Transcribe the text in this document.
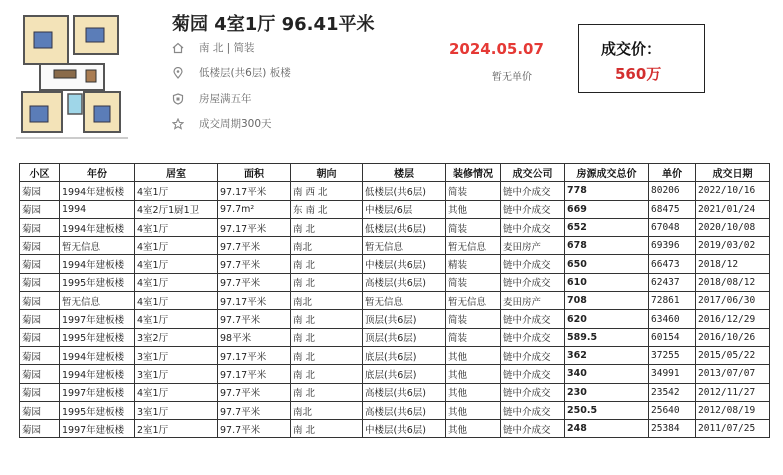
菊园 4室1厅 96.41平米
南 北 | 简装
低楼层(共6层) 板楼
房屋满五年
成交周期300天
2024.05.07
暂无单价
成交价：
560万
小区	年份	居室	面积	朝向	楼层	装修情况	成交公司	房源成交总价	单价	成交日期
菊园	1994年建板楼	4室1厅	97.17平米	南 西 北	低楼层(共6层)	简装	链中介成交	778	80206	2022/10/16
菊园	1994	4室2厅1厨1卫	97.7m²	东 南 北	中楼层/6层	其他	链中介成交	669	68475	2021/01/24
菊园	1994年建板楼	4室1厅	97.17平米	南 北	低楼层(共6层)	简装	链中介成交	652	67048	2020/10/08
菊园	暂无信息	4室1厅	97.7平米	南北	暂无信息	暂无信息	麦田房产	678	69396	2019/03/02
菊园	1994年建板楼	4室1厅	97.7平米	南 北	中楼层(共6层)	精装	链中介成交	650	66473	2018/12
菊园	1995年建板楼	4室1厅	97.7平米	南 北	高楼层(共6层)	简装	链中介成交	610	62437	2018/08/12
菊园	暂无信息	4室1厅	97.17平米	南北	暂无信息	暂无信息	麦田房产	708	72861	2017/06/30
菊园	1997年建板楼	4室1厅	97.7平米	南 北	顶层(共6层)	简装	链中介成交	620	63460	2016/12/29
菊园	1995年建板楼	3室2厅	98平米	南 北	顶层(共6层)	简装	链中介成交	589.5	60154	2016/10/26
菊园	1994年建板楼	3室1厅	97.17平米	南 北	底层(共6层)	其他	链中介成交	362	37255	2015/05/22
菊园	1994年建板楼	3室1厅	97.17平米	南 北	底层(共6层)	其他	链中介成交	340	34991	2013/07/07
菊园	1997年建板楼	4室1厅	97.7平米	南 北	高楼层(共6层)	其他	链中介成交	230	23542	2012/11/27
菊园	1995年建板楼	3室1厅	97.7平米	南北	高楼层(共6层)	其他	链中介成交	250.5	25640	2012/08/19
菊园	1997年建板楼	2室1厅	97.7平米	南 北	中楼层(共6层)	其他	链中介成交	248	25384	2011/07/25
